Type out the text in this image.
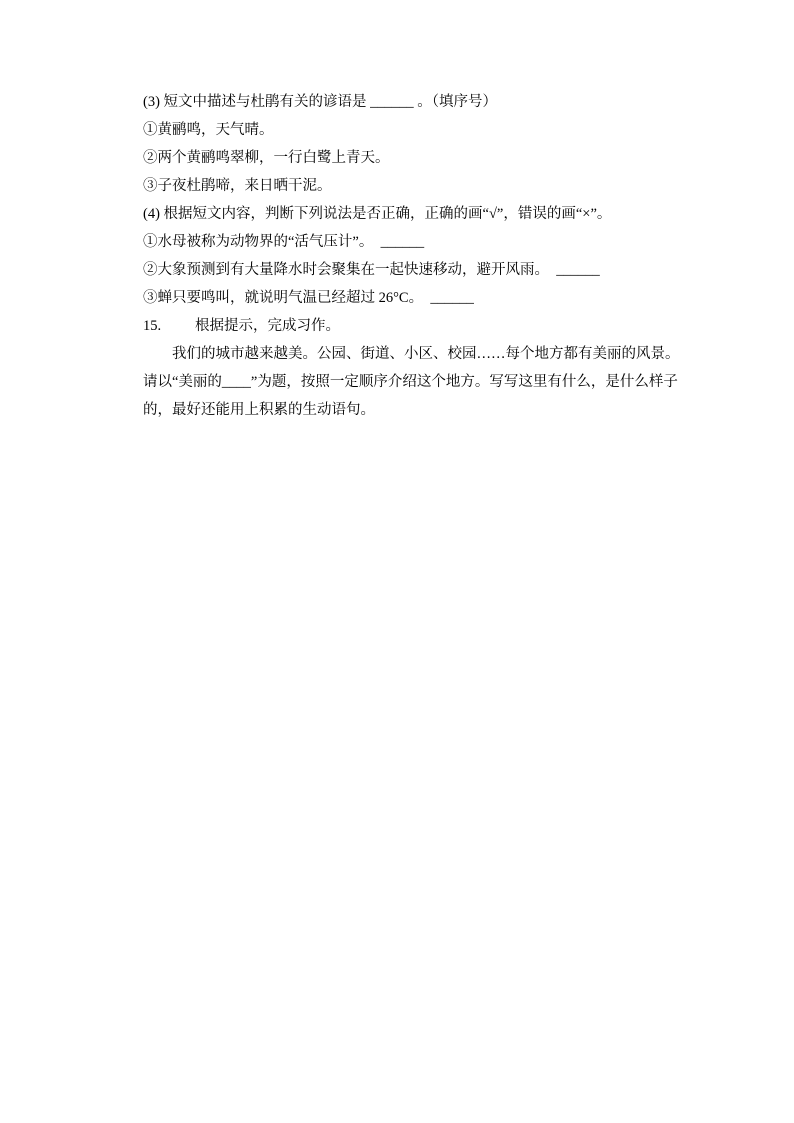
(3) 短文中描述与杜鹃有关的谚语是 ______ 。（填序号）

①黄鹂鸣，天气晴。

②两个黄鹂鸣翠柳，一行白鹭上青天。

③子夜杜鹃啼，来日晒干泥。

(4) 根据短文内容，判断下列说法是否正确，正确的画“√”，错误的画“×”。

①水母被称为动物界的“活气压计”。  ______

②大象预测到有大量降水时会聚集在一起快速移动，避开风雨。  ______

③蝉只要鸣叫，就说明气温已经超过 26°C。  ______

15. 根据提示，完成习作。

我们的城市越来越美。公园、街道、小区、校园……每个地方都有美丽的风景。请以“美丽的____”为题，按照一定顺序介绍这个地方。写写这里有什么，是什么样子的，最好还能用上积累的生动语句。
